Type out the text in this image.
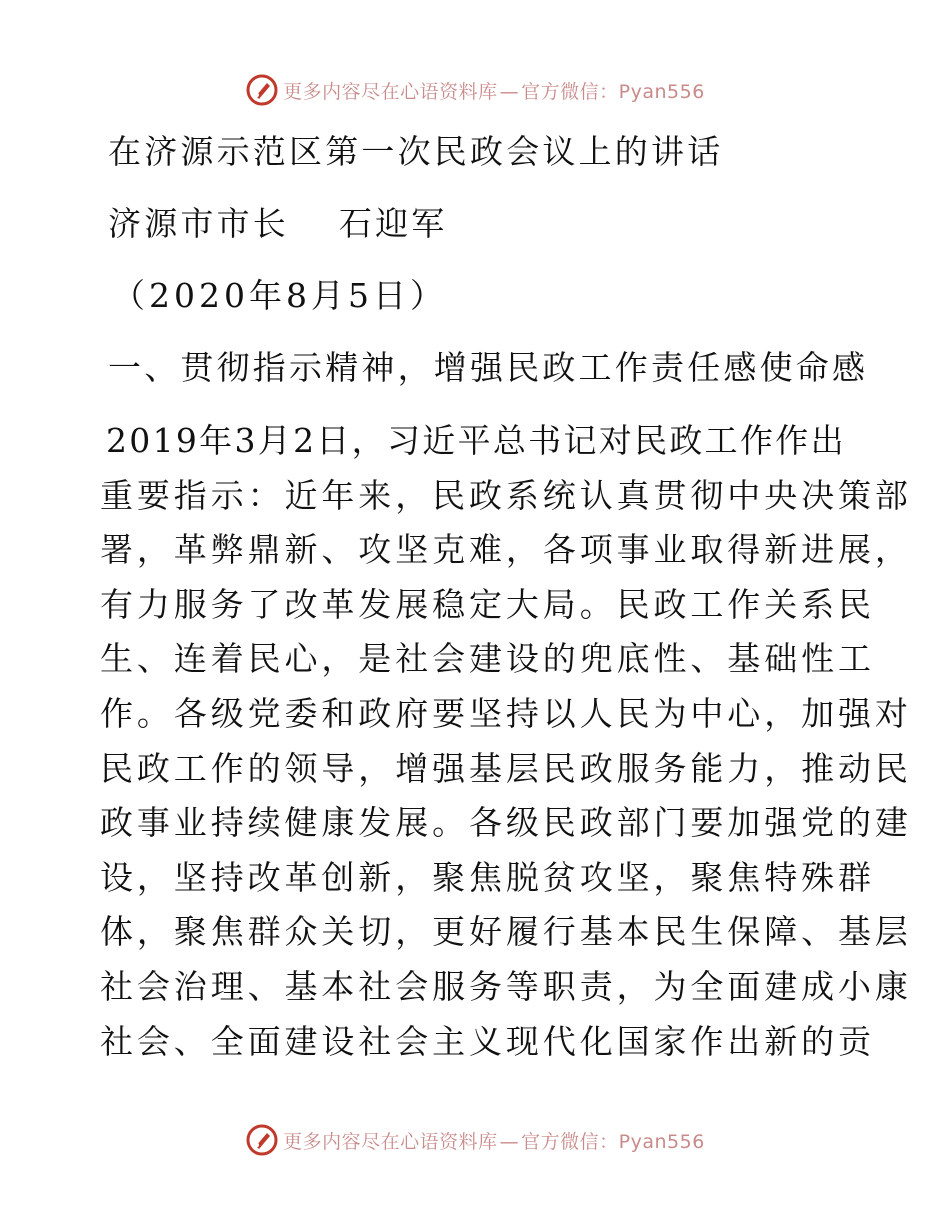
更多内容尽在心语资料库 — 官方微信：Pyan556
在济源示范区第一次民政会议上的讲话
济源市市长　 石迎军
（2020年8月5日）
一、贯彻指示精神，增强民政工作责任感使命感
2019年3月2日，习近平总书记对民政工作作出
重要指示：近年来，民政系统认真贯彻中央决策部
署，革弊鼎新、攻坚克难，各项事业取得新进展，
有力服务了改革发展稳定大局。民政工作关系民
生、连着民心，是社会建设的兜底性、基础性工
作。各级党委和政府要坚持以人民为中心，加强对
民政工作的领导，增强基层民政服务能力，推动民
政事业持续健康发展。各级民政部门要加强党的建
设，坚持改革创新，聚焦脱贫攻坚，聚焦特殊群
体，聚焦群众关切，更好履行基本民生保障、基层
社会治理、基本社会服务等职责，为全面建成小康
社会、全面建设社会主义现代化国家作出新的贡
更多内容尽在心语资料库 — 官方微信：Pyan556
